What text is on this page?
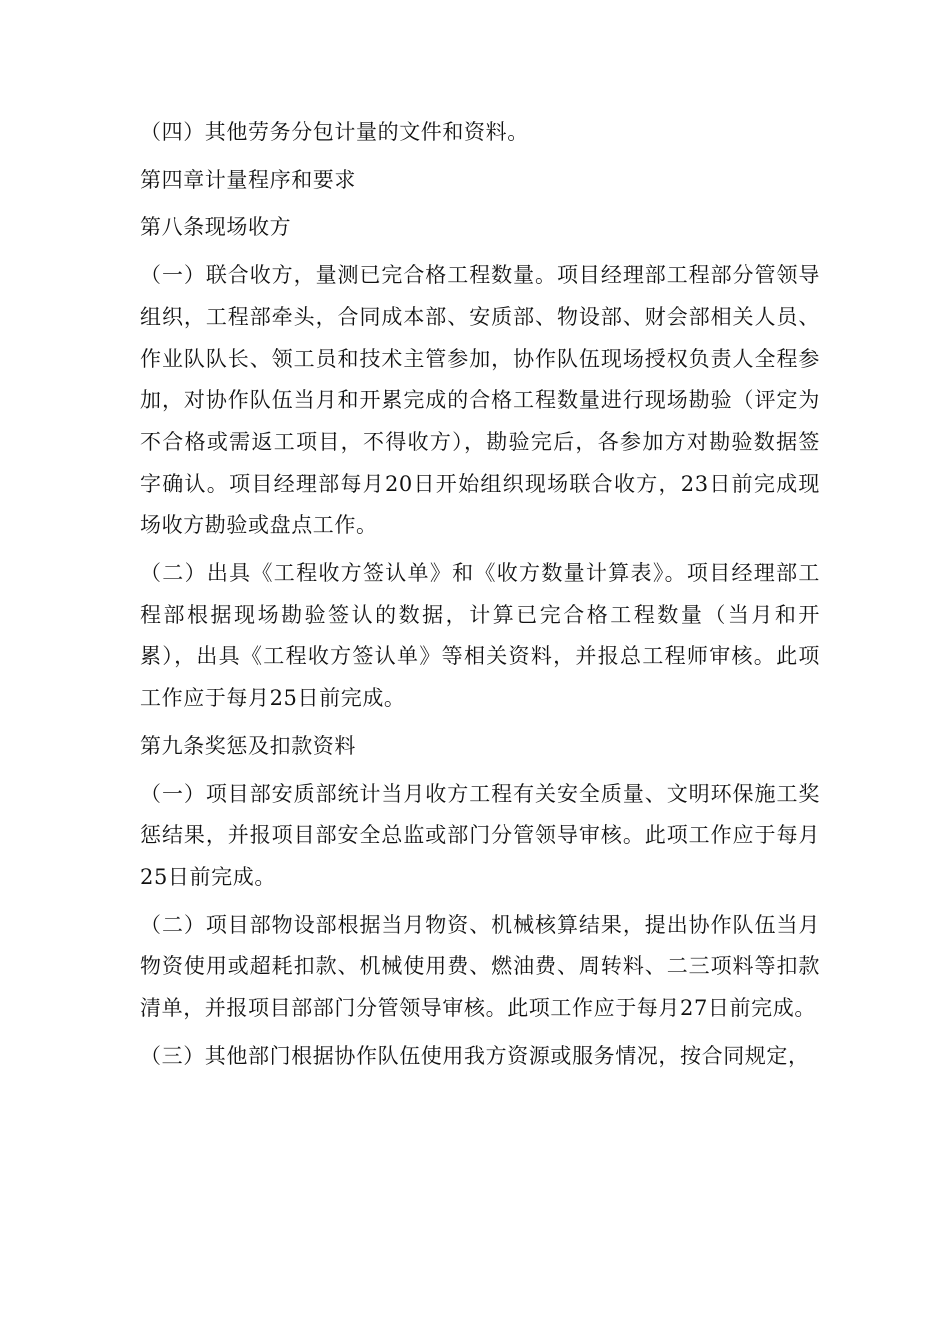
（四）其他劳务分包计量的文件和资料。

第四章计量程序和要求

第八条现场收方

（一）联合收方，量测已完合格工程数量。项目经理部工程部分管领导组织，工程部牵头，合同成本部、安质部、物设部、财会部相关人员、作业队队长、领工员和技术主管参加，协作队伍现场授权负责人全程参加，对协作队伍当月和开累完成的合格工程数量进行现场勘验（评定为不合格或需返工项目，不得收方），勘验完后，各参加方对勘验数据签字确认。项目经理部每月20日开始组织现场联合收方，23日前完成现场收方勘验或盘点工作。

（二）出具《工程收方签认单》和《收方数量计算表》。项目经理部工程部根据现场勘验签认的数据，计算已完合格工程数量（当月和开累），出具《工程收方签认单》等相关资料，并报总工程师审核。此项工作应于每月25日前完成。

第九条奖惩及扣款资料

（一）项目部安质部统计当月收方工程有关安全质量、文明环保施工奖惩结果，并报项目部安全总监或部门分管领导审核。此项工作应于每月25日前完成。

（二）项目部物设部根据当月物资、机械核算结果，提出协作队伍当月物资使用或超耗扣款、机械使用费、燃油费、周转料、二三项料等扣款清单，并报项目部部门分管领导审核。此项工作应于每月27日前完成。

（三）其他部门根据协作队伍使用我方资源或服务情况，按合同规定，
